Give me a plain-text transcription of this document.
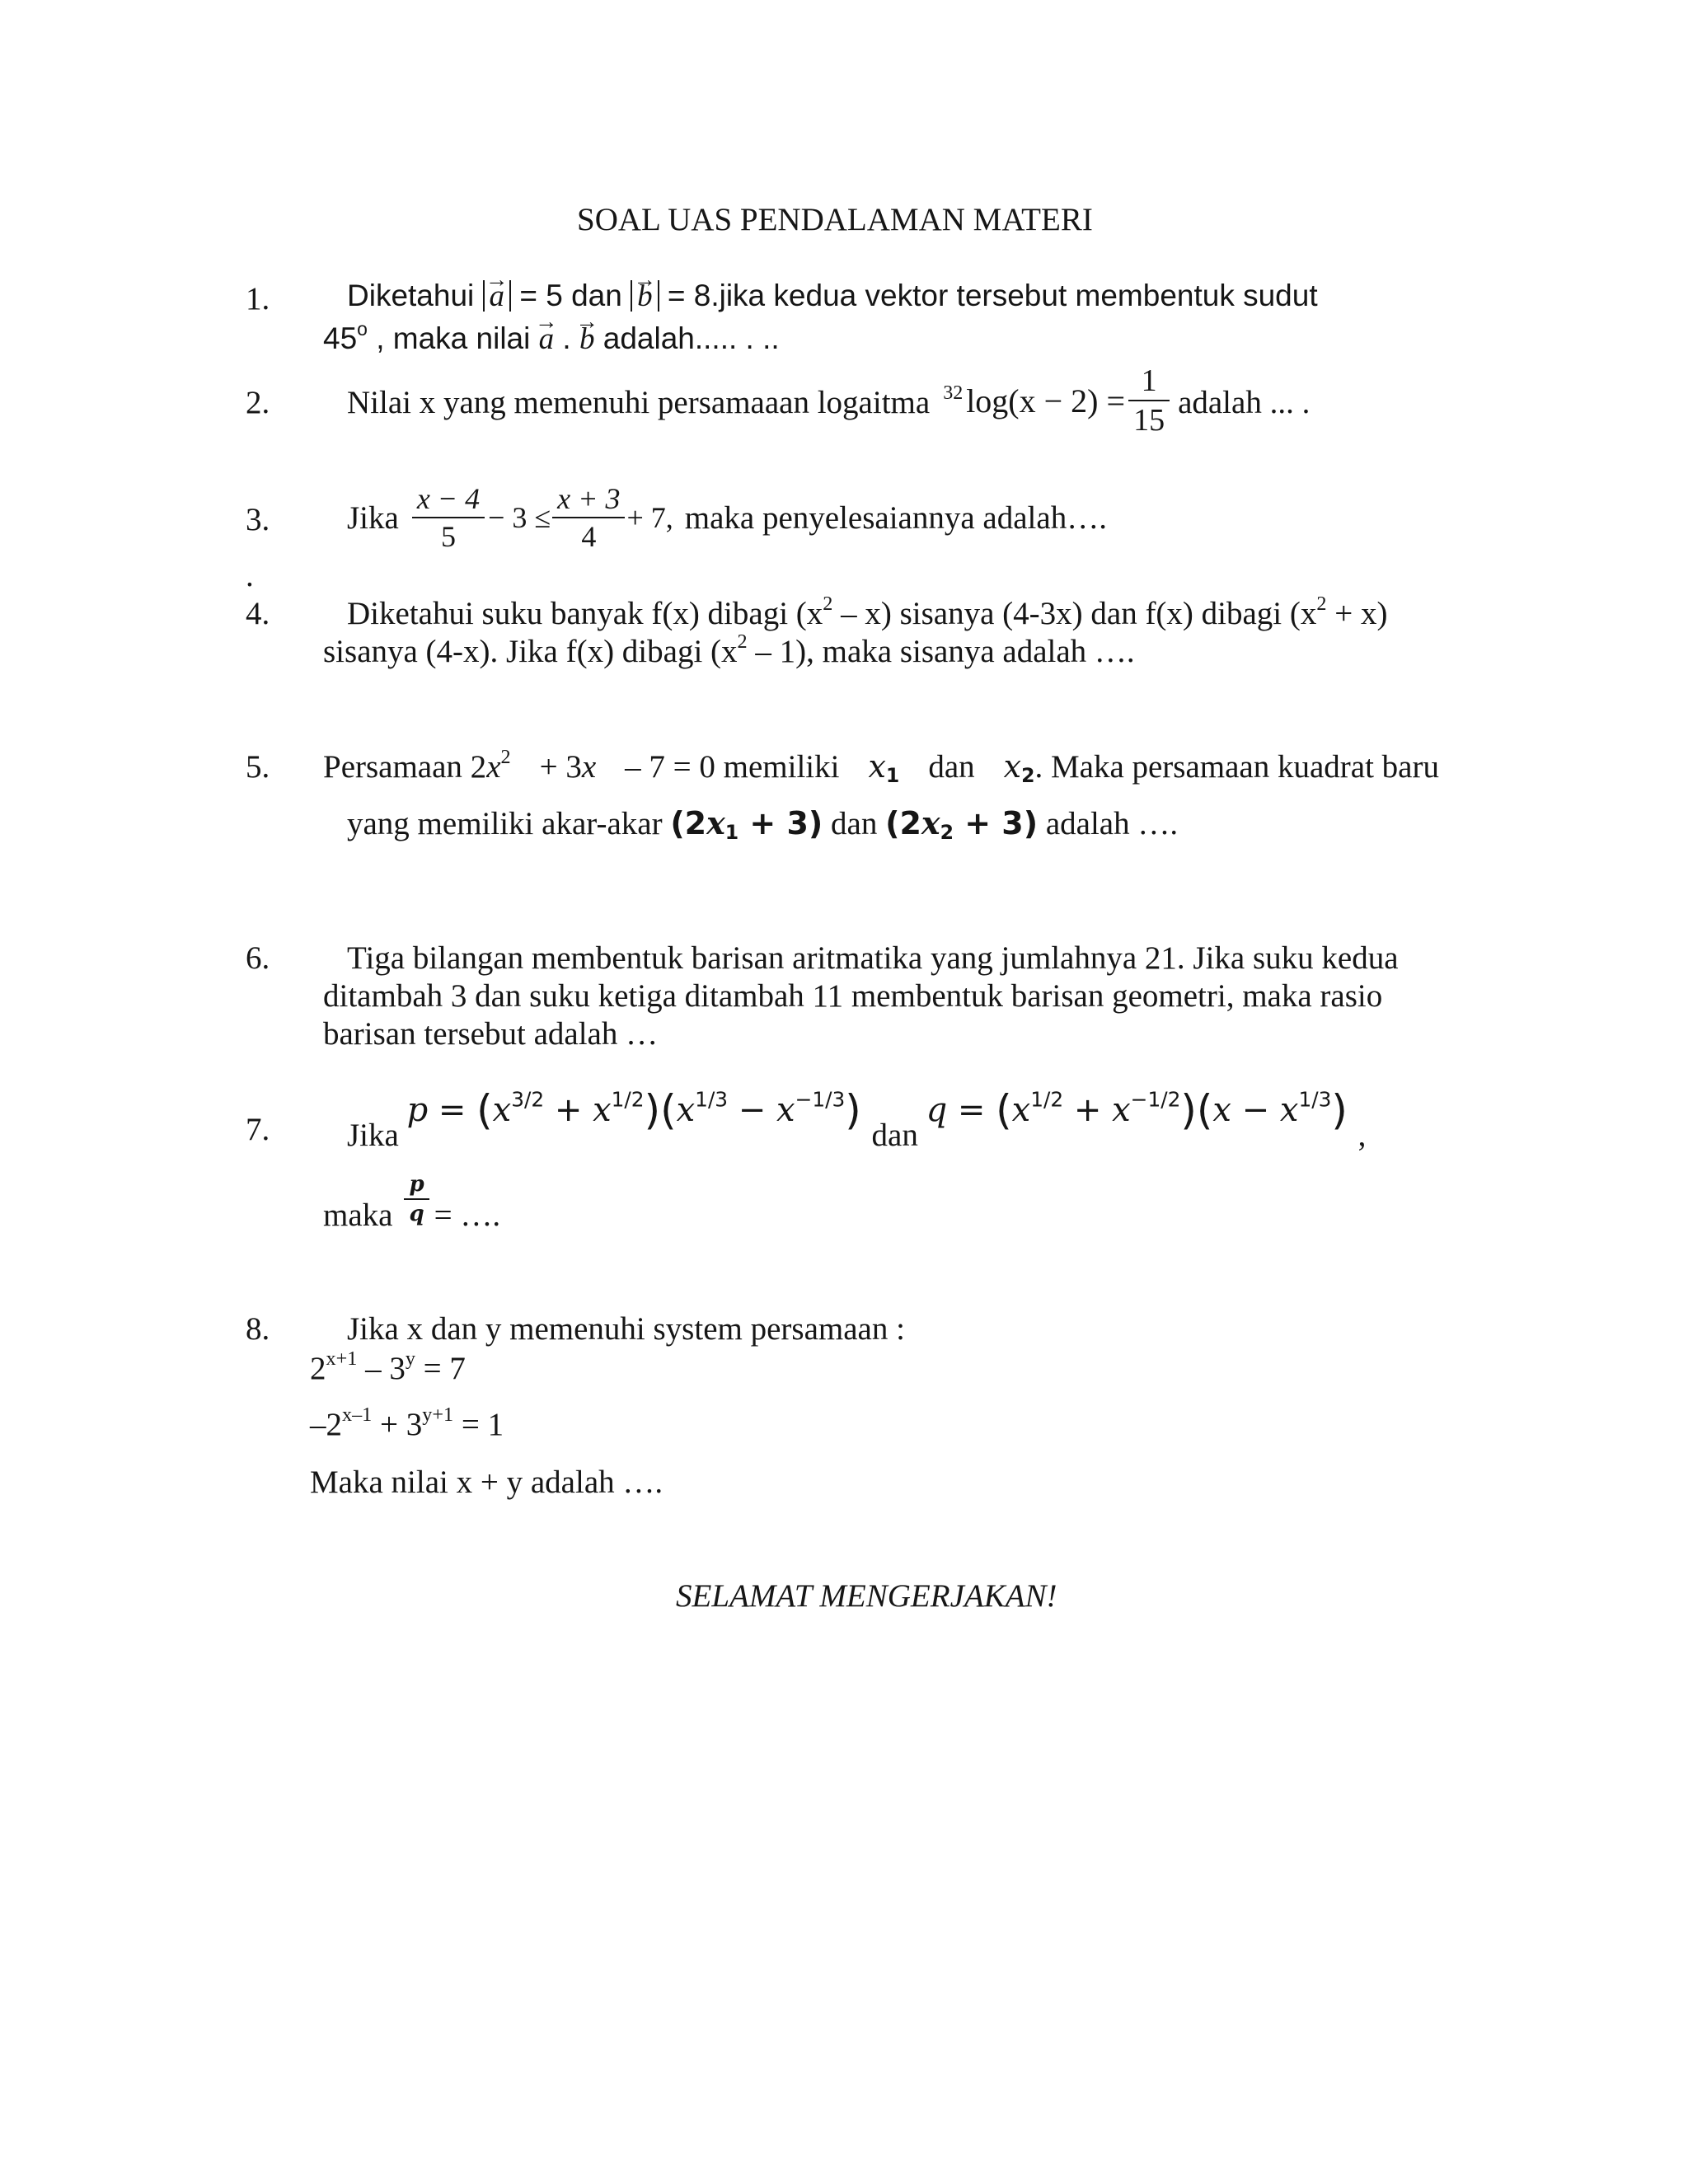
SOAL UAS PENDALAMAN MATERI
1.	Diketahui → a = 5 dan → b = 8.jika kedua vektor tersebut membentuk sudut
45$^o$ , maka nilai → a . → b adalah..... . ..
2. Nilai x yang memenuhi persamaaan logaitma 32 $\log(x - 2) = \frac{1}{15}$ adalah ... .
3. Jika $\frac{x - 4}{5} - 3 \le \frac{x + 3}{4} + 7$, maka penyelesaiannya adalah….
.
4. Diketahui suku banyak f(x) dibagi $(x^2 - x)$ sisanya (4-3x) dan f(x) dibagi $(x^2 + x)$
sisanya (4-x). Jika f(x) dibagi $(x^2 - 1)$, maka sisanya adalah ….
5. Persamaan $2x^2 + 3x - 7 = 0$ memiliki $x_1$ dan $x_2$. Maka persamaan kuadrat baru
yang memiliki akar-akar $(2x_1 + 3)$ dan $(2x_2 + 3)$ adalah ….
6. Tiga bilangan membentuk barisan aritmatika yang jumlahnya 21. Jika suku kedua
ditambah 3 dan suku ketiga ditambah 11 membentuk barisan geometri, maka rasio
barisan tersebut adalah …
7. Jika $p = (x^{3/2} + x^{1/2})(x^{1/3} - x^{-1/3})$ dan $q = (x^{1/2} + x^{-1/2})(x - x^{1/3})$ ,
maka $\frac{p}{q}$ = ….
8. Jika x dan y memenuhi system persamaan :
$2^{x+1} - 3^y = 7$
$-2^{x-1} + 3^{y+1} = 1$
Maka nilai x + y adalah ….
SELAMAT MENGERJAKAN!
